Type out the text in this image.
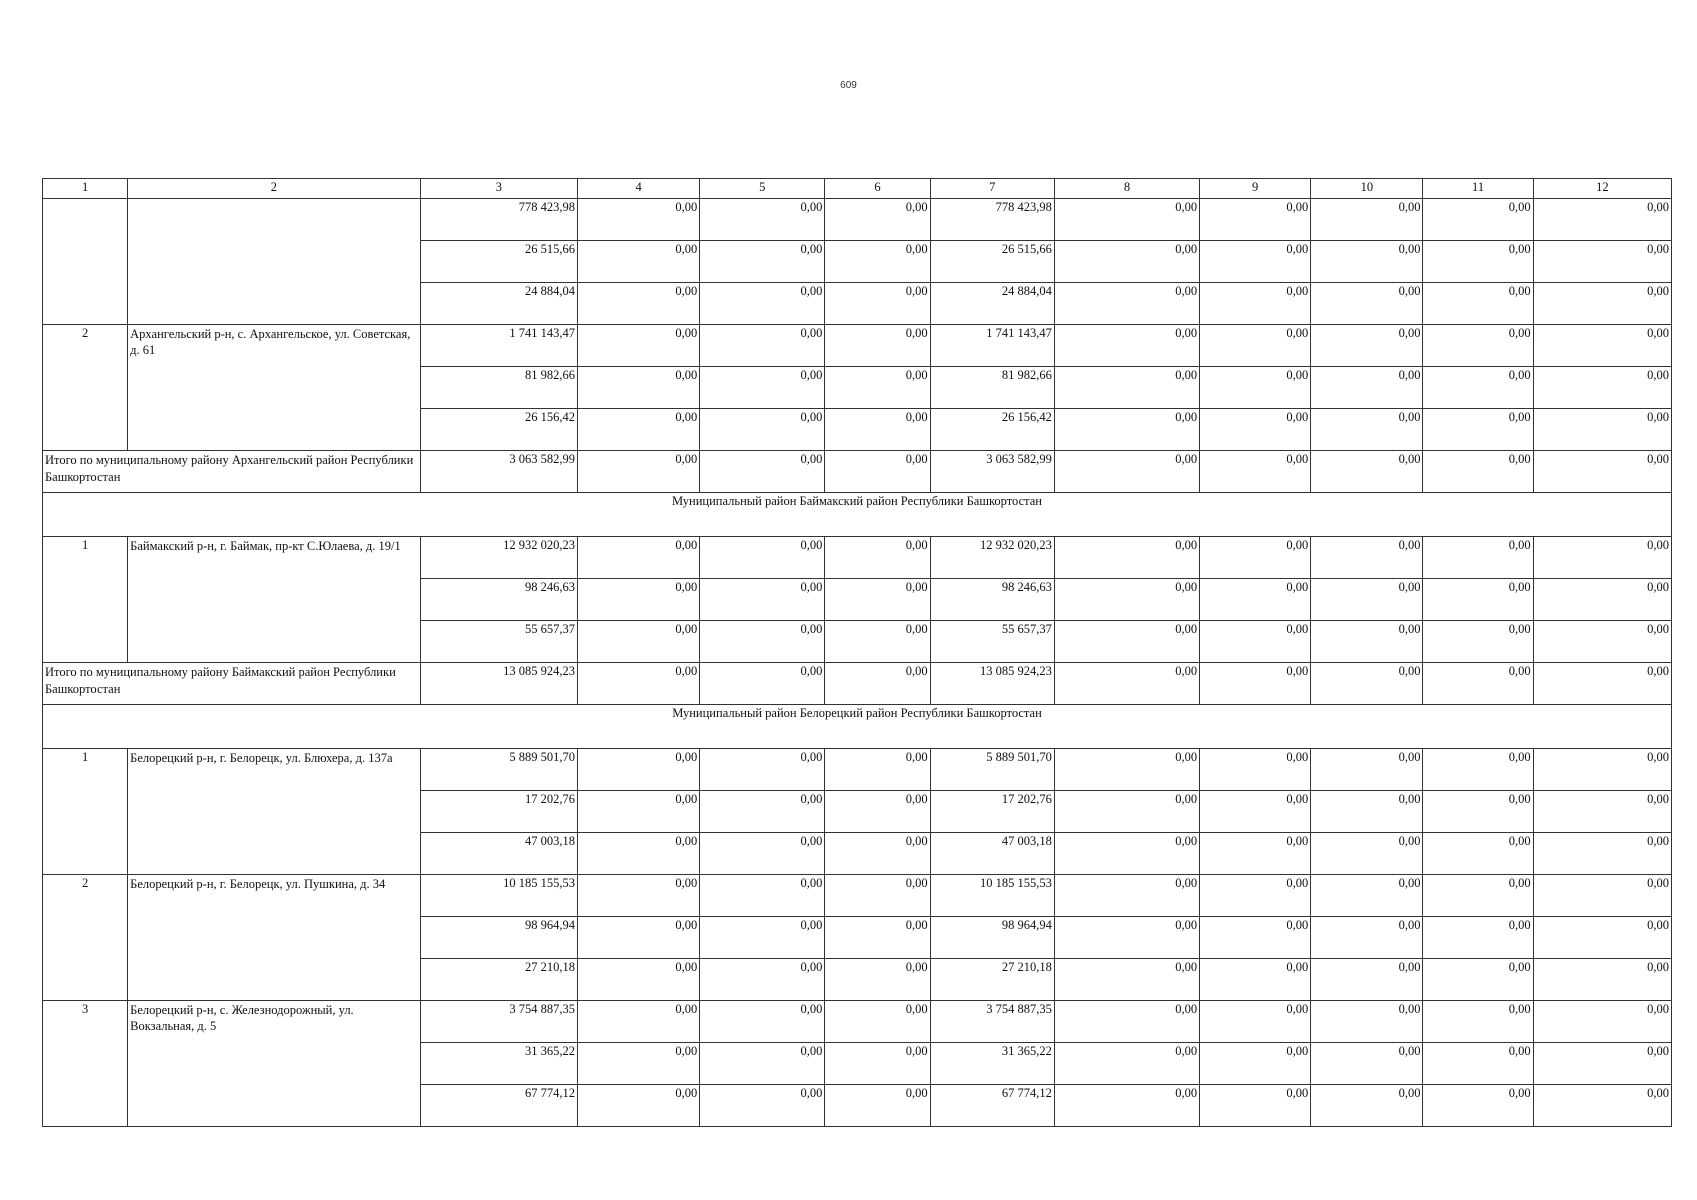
609
1	2	3	4	5	6	7	8	9	10	11	12
		778 423,98	0,00	0,00	0,00	778 423,98	0,00	0,00	0,00	0,00	0,00
		26 515,66	0,00	0,00	0,00	26 515,66	0,00	0,00	0,00	0,00	0,00
		24 884,04	0,00	0,00	0,00	24 884,04	0,00	0,00	0,00	0,00	0,00
2	Архангельский р-н, с. Архангельское, ул. Советская, д. 61	1 741 143,47	0,00	0,00	0,00	1 741 143,47	0,00	0,00	0,00	0,00	0,00
		81 982,66	0,00	0,00	0,00	81 982,66	0,00	0,00	0,00	0,00	0,00
		26 156,42	0,00	0,00	0,00	26 156,42	0,00	0,00	0,00	0,00	0,00
Итого по муниципальному району Архангельский район Республики Башкортостан		3 063 582,99	0,00	0,00	0,00	3 063 582,99	0,00	0,00	0,00	0,00	0,00
Муниципальный район Баймакский район Республики Башкортостан											
1	Баймакский р-н, г. Баймак, пр-кт С.Юлаева, д. 19/1	12 932 020,23	0,00	0,00	0,00	12 932 020,23	0,00	0,00	0,00	0,00	0,00
		98 246,63	0,00	0,00	0,00	98 246,63	0,00	0,00	0,00	0,00	0,00
		55 657,37	0,00	0,00	0,00	55 657,37	0,00	0,00	0,00	0,00	0,00
Итого по муниципальному району Баймакский район Республики Башкортостан		13 085 924,23	0,00	0,00	0,00	13 085 924,23	0,00	0,00	0,00	0,00	0,00
Муниципальный район Белорецкий район Республики Башкортостан											
1	Белорецкий р-н, г. Белорецк, ул. Блюхера, д. 137а	5 889 501,70	0,00	0,00	0,00	5 889 501,70	0,00	0,00	0,00	0,00	0,00
		17 202,76	0,00	0,00	0,00	17 202,76	0,00	0,00	0,00	0,00	0,00
		47 003,18	0,00	0,00	0,00	47 003,18	0,00	0,00	0,00	0,00	0,00
2	Белорецкий р-н, г. Белорецк, ул. Пушкина, д. 34	10 185 155,53	0,00	0,00	0,00	10 185 155,53	0,00	0,00	0,00	0,00	0,00
		98 964,94	0,00	0,00	0,00	98 964,94	0,00	0,00	0,00	0,00	0,00
		27 210,18	0,00	0,00	0,00	27 210,18	0,00	0,00	0,00	0,00	0,00
3	Белорецкий р-н, с. Железнодорожный, ул. Вокзальная, д. 5	3 754 887,35	0,00	0,00	0,00	3 754 887,35	0,00	0,00	0,00	0,00	0,00
		31 365,22	0,00	0,00	0,00	31 365,22	0,00	0,00	0,00	0,00	0,00
		67 774,12	0,00	0,00	0,00	67 774,12	0,00	0,00	0,00	0,00	0,00
